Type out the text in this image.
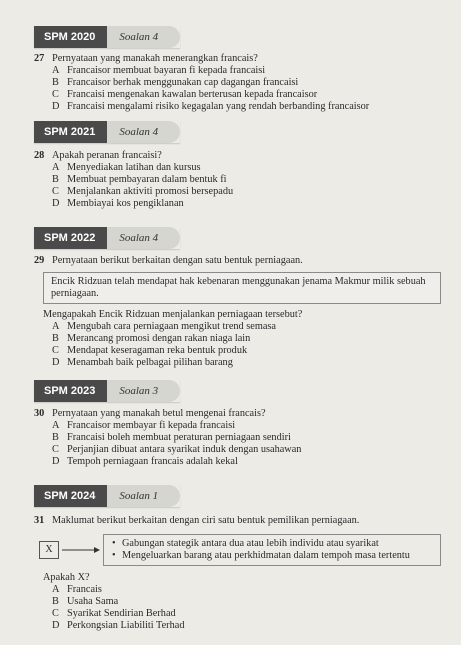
SPM 2020	Soalan 4
27 Pernyataan yang manakah menerangkan francais?
A Francaisor membuat bayaran fi kepada francaisi
B Francaisor berhak menggunakan cap dagangan francaisi
C Francaisi mengenakan kawalan berterusan kepada francaisor
D Francaisi mengalami risiko kegagalan yang rendah berbanding francaisor
SPM 2021	Soalan 4
28 Apakah peranan francaisi?
A Menyediakan latihan dan kursus
B Membuat pembayaran dalam bentuk fi
C Menjalankan aktiviti promosi bersepadu
D Membiayai kos pengiklanan
SPM 2022	Soalan 4
29 Pernyataan berikut berkaitan dengan satu bentuk perniagaan.
Encik Ridzuan telah mendapat hak kebenaran menggunakan jenama Makmur milik sebuah perniagaan.
Mengapakah Encik Ridzuan menjalankan perniagaan tersebut?
A Mengubah cara perniagaan mengikut trend semasa
B Merancang promosi dengan rakan niaga lain
C Mendapat keseragaman reka bentuk produk
D Menambah baik pelbagai pilihan barang
SPM 2023	Soalan 3
30 Pernyataan yang manakah betul mengenai francais?
A Francaisor membayar fi kepada francaisi
B Francaisi boleh membuat peraturan perniagaan sendiri
C Perjanjian dibuat antara syarikat induk dengan usahawan
D Tempoh perniagaan francais adalah kekal
SPM 2024	Soalan 1
31 Maklumat berikut berkaitan dengan ciri satu bentuk pemilikan perniagaan.
X
• Gabungan stategik antara dua atau lebih individu atau syarikat
• Mengeluarkan barang atau perkhidmatan dalam tempoh masa tertentu
Apakah X?
A Francais
B Usaha Sama
C Syarikat Sendirian Berhad
D Perkongsian Liabiliti Terhad
